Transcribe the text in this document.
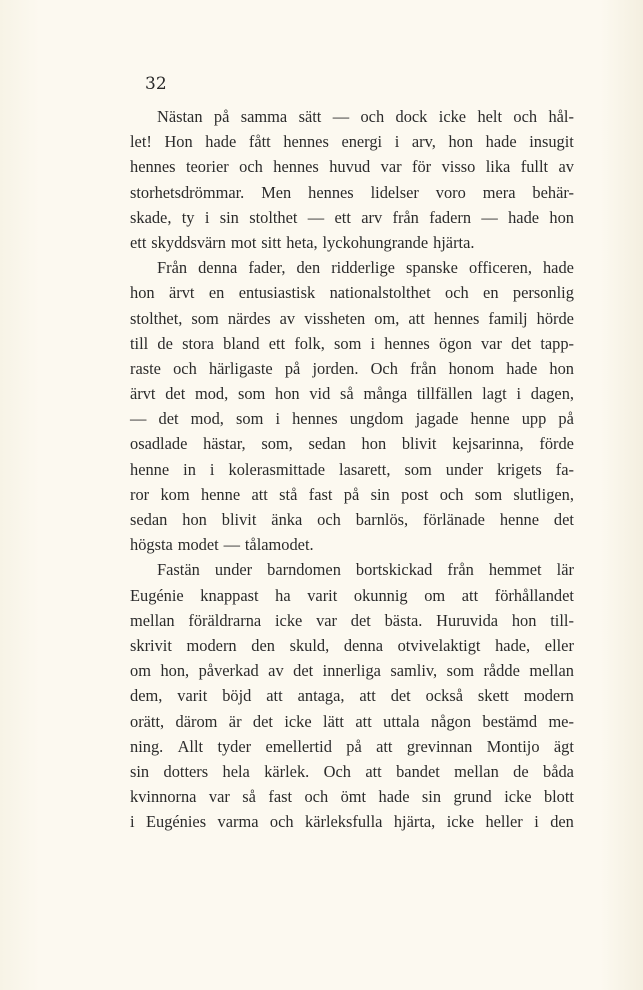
32
Nästan på samma sätt — och dock icke helt och hål-
let! Hon hade fått hennes energi i arv, hon hade insugit
hennes teorier och hennes huvud var för visso lika fullt av
storhetsdrömmar. Men hennes lidelser voro mera behär-
skade, ty i sin stolthet — ett arv från fadern — hade hon
ett skyddsvärn mot sitt heta, lyckohungrande hjärta.
Från denna fader, den ridderlige spanske officeren, hade
hon ärvt en entusiastisk nationalstolthet och en personlig
stolthet, som närdes av vissheten om, att hennes familj hörde
till de stora bland ett folk, som i hennes ögon var det tapp-
raste och härligaste på jorden. Och från honom hade hon
ärvt det mod, som hon vid så många tillfällen lagt i dagen,
— det mod, som i hennes ungdom jagade henne upp på
osadlade hästar, som, sedan hon blivit kejsarinna, förde
henne in i kolerasmittade lasarett, som under krigets fa-
ror kom henne att stå fast på sin post och som slutligen,
sedan hon blivit änka och barnlös, förlänade henne det
högsta modet — tålamodet.
Fastän under barndomen bortskickad från hemmet lär
Eugénie knappast ha varit okunnig om att förhållandet
mellan föräldrarna icke var det bästa. Huruvida hon till-
skrivit modern den skuld, denna otvivelaktigt hade, eller
om hon, påverkad av det innerliga samliv, som rådde mellan
dem, varit böjd att antaga, att det också skett modern
orätt, därom är det icke lätt att uttala någon bestämd me-
ning. Allt tyder emellertid på att grevinnan Montijo ägt
sin dotters hela kärlek. Och att bandet mellan de båda
kvinnorna var så fast och ömt hade sin grund icke blott
i Eugénies varma och kärleksfulla hjärta, icke heller i den
